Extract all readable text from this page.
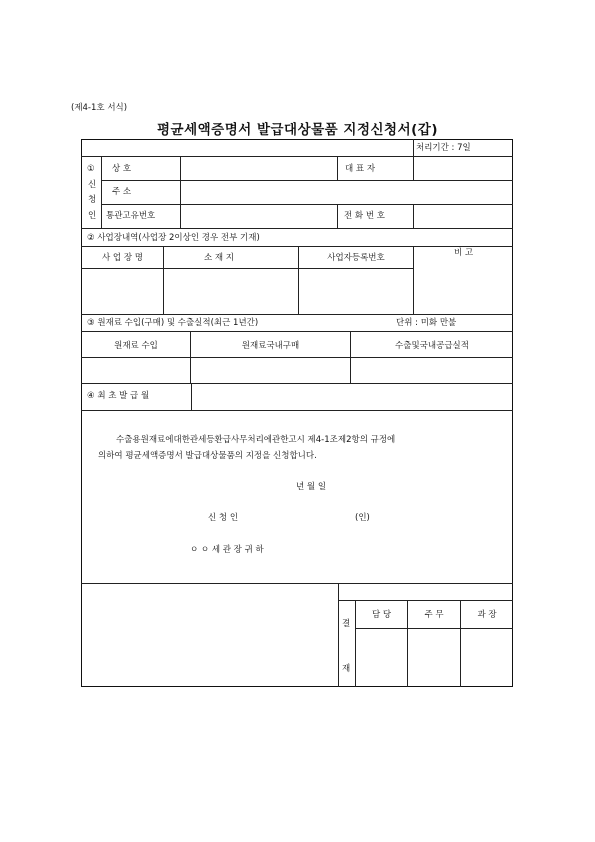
(제4-1호 서식)
평균세액증명서 발급대상물품 지정신청서(갑)
처리기간 : 7일
①
신
청
인
상 호	대 표 자
주 소
통관고유번호	전 화 번 호
② 사업장내역(사업장 2이상인 경우 전부 기재)
사 업 장 명	소 재 지	사업자등록번호	비 고
③ 원재료 수입(구매) 및 수출실적(최근 1년간)	단위 : 미화 만불
원재료 수입	원재료국내구매	수출및국내공급실적
④ 최 초 발 급 월
수출용원재료에대한관세등환급사무처리에관한고시 제4-1조제2항의 규정에
의하여 평균세액증명서 발급대상물품의 지정을 신청합니다.
년 월 일
신 청 인	(인)
ㅇ ㅇ 세 관 장 귀 하
결
재
담 당	주 무	과 장
